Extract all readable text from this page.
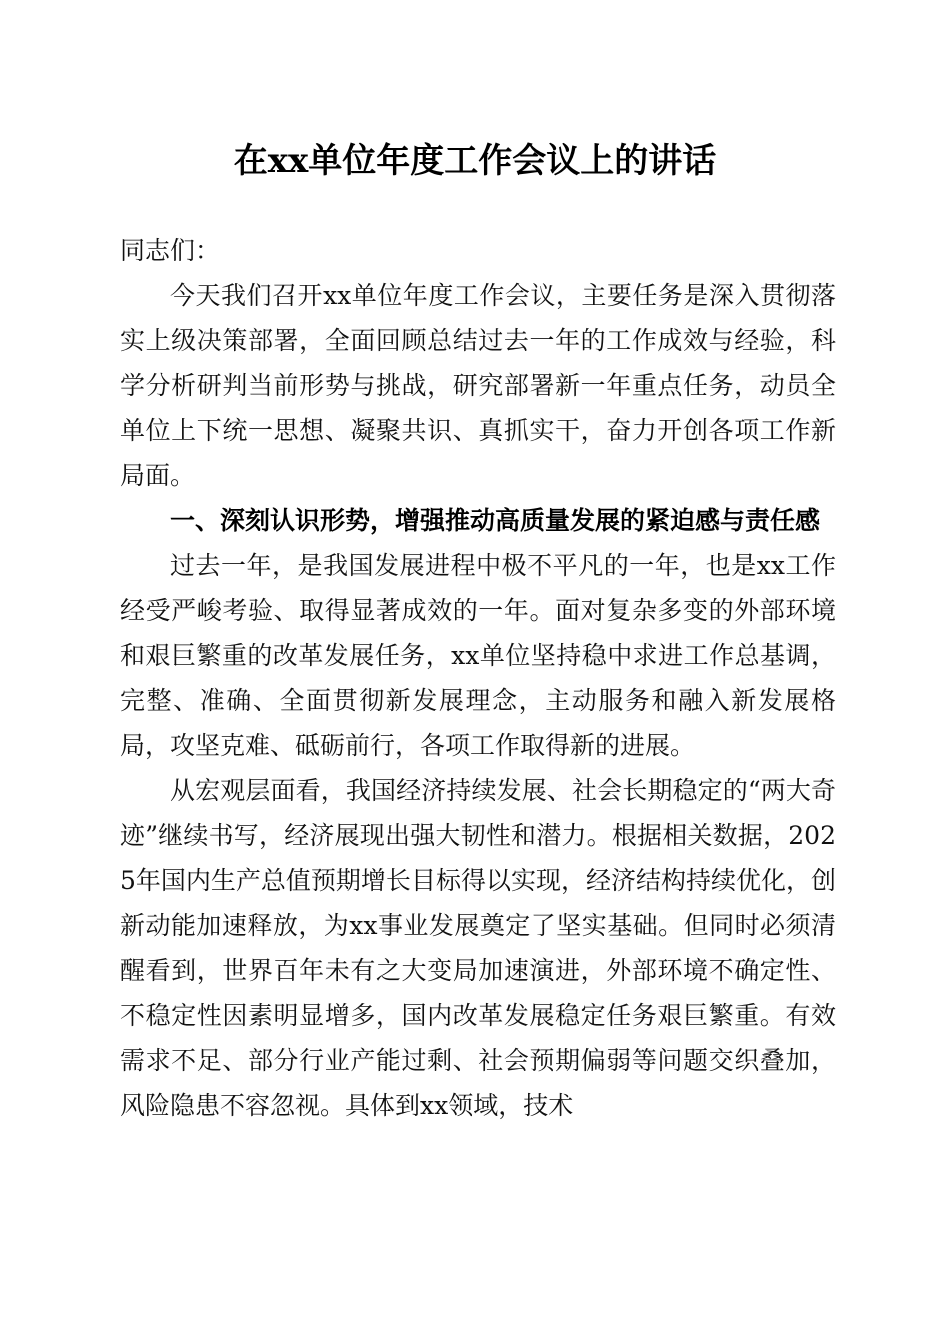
在xx单位年度工作会议上的讲话

同志们：

今天我们召开xx单位年度工作会议，主要任务是深入贯彻落实上级决策部署，全面回顾总结过去一年的工作成效与经验，科学分析研判当前形势与挑战，研究部署新一年重点任务，动员全单位上下统一思想、凝聚共识、真抓实干，奋力开创各项工作新局面。

一、深刻认识形势，增强推动高质量发展的紧迫感与责任感

过去一年，是我国发展进程中极不平凡的一年，也是xx工作经受严峻考验、取得显著成效的一年。面对复杂多变的外部环境和艰巨繁重的改革发展任务，xx单位坚持稳中求进工作总基调，完整、准确、全面贯彻新发展理念，主动服务和融入新发展格局，攻坚克难、砥砺前行，各项工作取得新的进展。

从宏观层面看，我国经济持续发展、社会长期稳定的“两大奇迹”继续书写，经济展现出强大韧性和潜力。根据相关数据，2025年国内生产总值预期增长目标得以实现，经济结构持续优化，创新动能加速释放，为xx事业发展奠定了坚实基础。但同时必须清醒看到，世界百年未有之大变局加速演进，外部环境不确定性、不稳定性因素明显增多，国内改革发展稳定任务艰巨繁重。有效需求不足、部分行业产能过剩、社会预期偏弱等问题交织叠加，风险隐患不容忽视。具体到xx领域，技术
